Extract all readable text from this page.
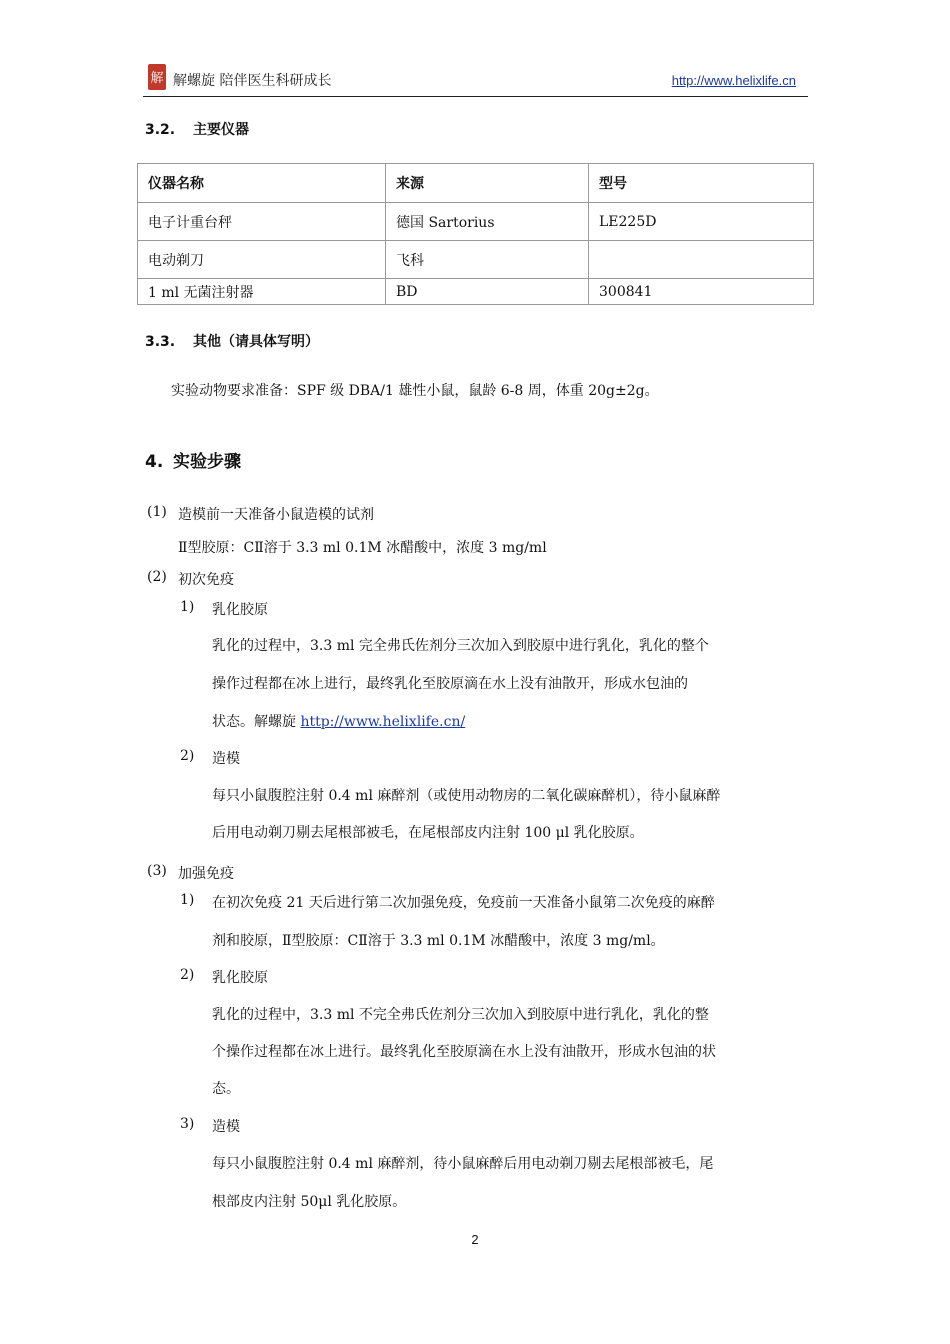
解 解螺旋 陪伴医生科研成长	http://www.helixlife.cn
3.2. 主要仪器
仪器名称	来源	型号
电子计重台秤	德国 Sartorius	LE225D
电动剃刀	飞科	
1 ml 无菌注射器	BD	300841
3.3. 其他（请具体写明）
实验动物要求准备：SPF 级 DBA/1 雄性小鼠，鼠龄 6-8 周，体重 20g±2g。
4. 实验步骤
(1) 造模前一天准备小鼠造模的试剂
Ⅱ型胶原：CⅡ溶于 3.3 ml 0.1M 冰醋酸中，浓度 3 mg/ml
(2) 初次免疫
1) 乳化胶原
乳化的过程中，3.3 ml 完全弗氏佐剂分三次加入到胶原中进行乳化，乳化的整个
操作过程都在冰上进行，最终乳化至胶原滴在水上没有油散开，形成水包油的
状态。解螺旋 http://www.helixlife.cn/
2) 造模
每只小鼠腹腔注射 0.4 ml 麻醉剂（或使用动物房的二氧化碳麻醉机），待小鼠麻醉
后用电动剃刀剔去尾根部被毛，在尾根部皮内注射 100 μl 乳化胶原。
(3) 加强免疫
1) 在初次免疫 21 天后进行第二次加强免疫，免疫前一天准备小鼠第二次免疫的麻醉
剂和胶原，Ⅱ型胶原：CⅡ溶于 3.3 ml 0.1M 冰醋酸中，浓度 3 mg/ml。
2) 乳化胶原
乳化的过程中，3.3 ml 不完全弗氏佐剂分三次加入到胶原中进行乳化，乳化的整
个操作过程都在冰上进行。最终乳化至胶原滴在水上没有油散开，形成水包油的状
态。
3) 造模
每只小鼠腹腔注射 0.4 ml 麻醉剂，待小鼠麻醉后用电动剃刀剔去尾根部被毛，尾
根部皮内注射 50μl 乳化胶原。
2
